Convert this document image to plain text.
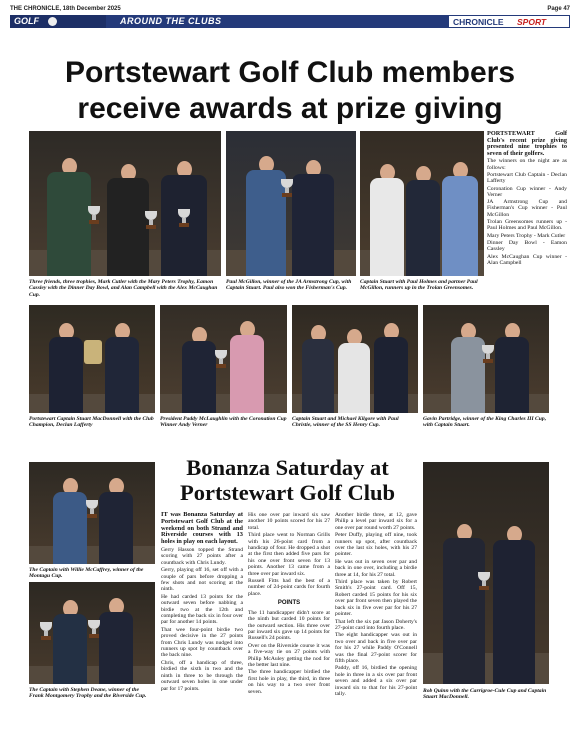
THE CHRONICLE, 18th December 2025	Page 47
GOLF	AROUND THE CLUBS	CHRONICLE SPORT
Portstewart Golf Club members
receive awards at prize giving
Three friends, three trophies, Mark Cutler with the Mary Peters Trophy, Eamon Cassley with the Dinner Day Bowl, and Alan Campbell with the Alex McCaughan Cup.
Paul McGillon, winner of the JA Armstrong Cup, with Captain Stuart. Paul also won the Fisherman's Cup.
Captain Stuart with Paul Holmes and partner Paul McGillon, runners up in the Trolan Greensomes.

PORTSTEWART Golf Club's recent prize giving presented nine trophies to seven of their golfers.

The winners on the night are as follows:

Portstewart Club Captain - Declan Lafferty

Coronation Cup winner - Andy Verner

JA Armstrong Cup and Fisherman's Cup winner - Paul McGillon

Trolan Greensomes runners up - Paul Holmes and Paul McGillon.

Mary Peters Trophy - Mark Cutler

Dinner Day Bowl - Eamon Cassley

Alex McCaughan Cup winner - Alan Campbell

Portstewart Captain Stuart MacDonnell with the Club Champion, Declan Lafferty
President Paddy McLaughlin with the Coronation Cup Winner Andy Verner
Captain Stuart and Michael Kilgore with Paul Christie, winner of the SS Henry Cup.
Gavin Partridge, winner of the King Charles III Cup, with Captain Stuart.
The Captain with Willie McCaffrey, winner of the Montagu Cup.
The Captain with Stephen Deane, winner of the Frank Montgomery Trophy and the Riverside Cup.
Bonanza Saturday at
Portstewart Golf Club

IT was Bonanza Saturday at Portstewart Golf Club at the weekend on both Strand and Riverside courses with 13 holes in play on each layout.

Gerry Hasson topped the Strand scoring with 27 points after a countback with Chris Lundy.

Gerry, playing off 16, set off with a couple of pars before dropping a few shots and not scoring at the ninth.

He had carded 13 points for the outward seven before nabbing a birdie two at the 12th and completing the back six in four over par for another 14 points.

That wee four-point birdie two proved decisive in the 27 points from Chris Lundy was nudged into runners up spot by countback over the back nine.

Chris, off a handicap of three, birdied the sixth in two and the ninth in three to be through the outward seven holes in one under par for 17 points.

His one over par inward six saw another 10 points scored for his 27 total.

Third place went to Norman Grills with his 26-point card from a handicap of four. He dropped a shot at the first then added five pars for his one over front seven for 13 points. Another 13 came from a three over par inward six.

Russell Fitts had the best of a number of 24-point cards for fourth place.

POINTS

The 11 handicapper didn't score at the ninth but carded 10 points for the outward section. His three over par inward six gave up 14 points for Russell's 24 points.

Over on the Riverside course it was a five-way tie on 27 points with Philip McAuley getting the nod for the better last nine.

The three handicapper birdied the first hole in play, the third, in three on his way to a two over front seven.

Another birdie three, at 12, gave Philip a level par inward six for a one over par round worth 27 points.

Peter Duffy, playing off nine, took runners up spot, after countback over the last six holes, with his 27 pointer.

He was out in seven over par and back in one over, including a birdie three at 14, for his 27 total.

Third place was taken by Robert Smith's 27-point card. Off 15, Robert carded 15 points for his six over par front seven then played the back six in five over par for his 27 pointer.

That left the six pat Jason Doherty's 27-point card into fourth place.

The eight handicapper was out in two over and back in five over par for his 27 while Paddy O'Connell was the final 27-point scorer for fifth place.

Paddy, off 16, birdied the opening hole in three in a six over par front seven and added a six over par inward six to that for his 27-point tally.	Rob Quinn with the Carrigroe-Cule Cup and Captain Stuart MacDonnell.
